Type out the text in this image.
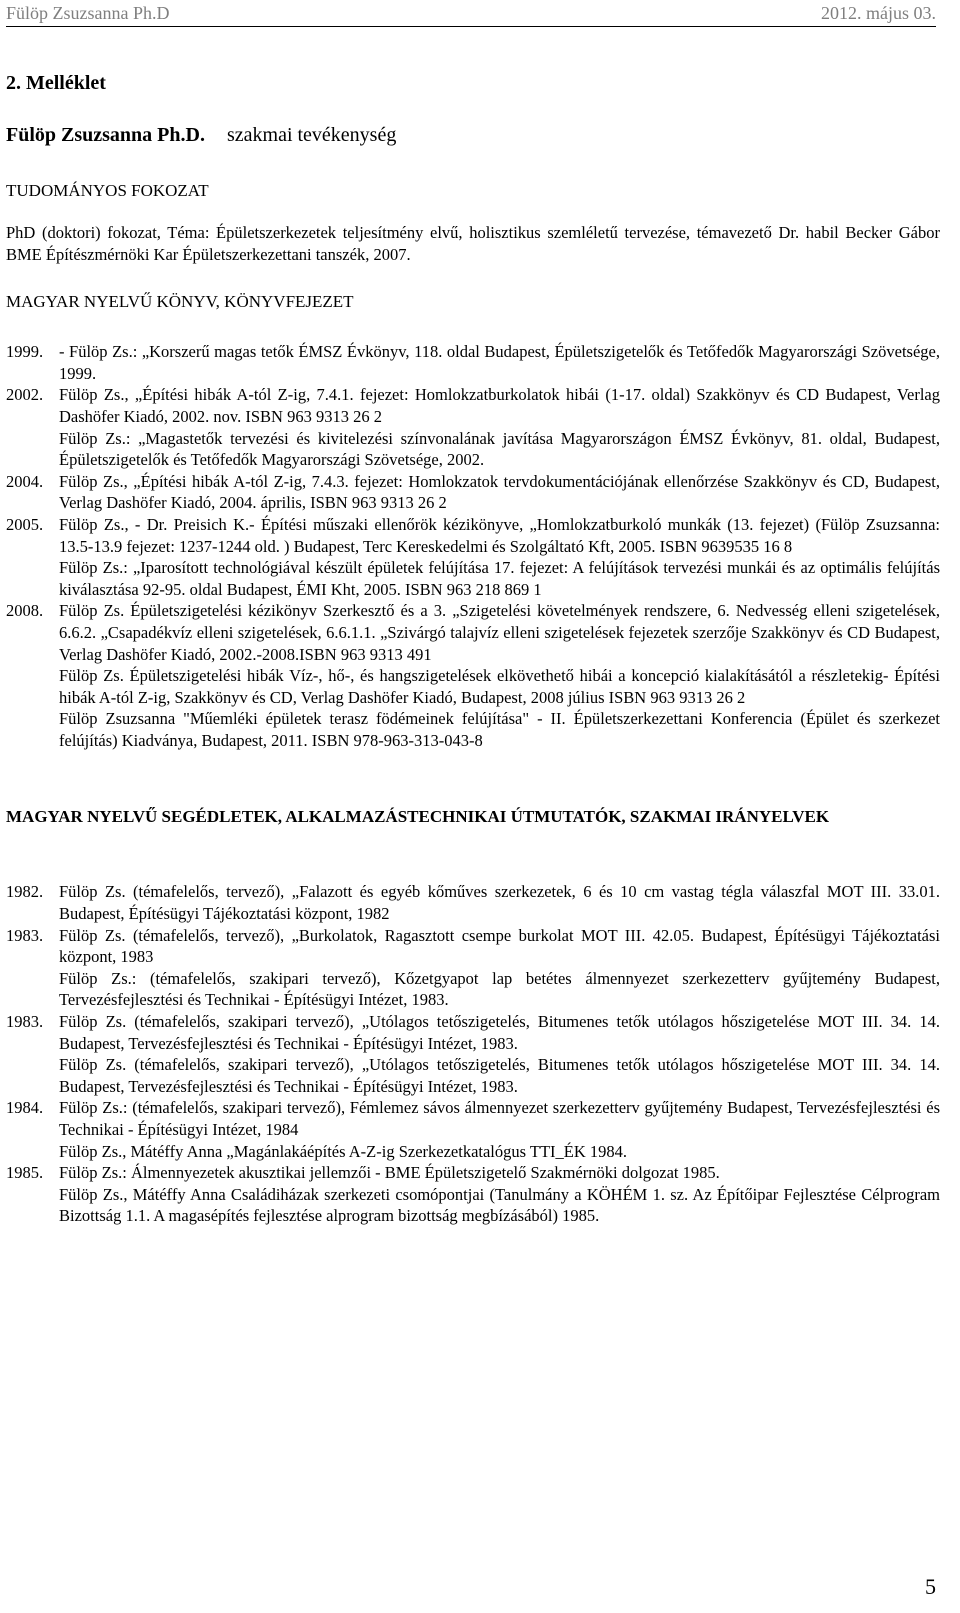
Fülöp Zsuzsanna Ph.D	2012. május 03.
2. Melléklet
Fülöp Zsuzsanna Ph.D. szakmai tevékenység
TUDOMÁNYOS FOKOZAT

PhD (doktori) fokozat, Téma: Épületszerkezetek teljesítmény elvű, holisztikus szemléletű tervezése, témavezető Dr. habil Becker Gábor BME Építészmérnöki Kar Épületszerkezettani tanszék, 2007.

MAGYAR NYELVŰ KÖNYV, KÖNYVFEJEZET
1999. - Fülöp Zs.: „Korszerű magas tetők ÉMSZ Évkönyv, 118. oldal Budapest, Épületszigetelők és Tetőfedők Magyarországi Szövetsége, 1999.
2002. Fülöp Zs., „Építési hibák A-tól Z-ig, 7.4.1. fejezet: Homlokzatburkolatok hibái (1-17. oldal) Szakkönyv és CD Budapest, Verlag Dashöfer Kiadó, 2002. nov. ISBN 963 9313 26 2
Fülöp Zs.: „Magastetők tervezési és kivitelezési színvonalának javítása Magyarországon ÉMSZ Évkönyv, 81. oldal, Budapest, Épületszigetelők és Tetőfedők Magyarországi Szövetsége, 2002.
2004. Fülöp Zs., „Építési hibák A-tól Z-ig, 7.4.3. fejezet: Homlokzatok tervdokumentációjának ellenőrzése Szakkönyv és CD, Budapest, Verlag Dashöfer Kiadó, 2004. április, ISBN 963 9313 26 2
2005. Fülöp Zs., - Dr. Preisich K.- Építési műszaki ellenőrök kézikönyve, „Homlokzatburkoló munkák (13. fejezet) (Fülöp Zsuzsanna: 13.5-13.9 fejezet: 1237-1244 old. ) Budapest, Terc Kereskedelmi és Szolgáltató Kft, 2005. ISBN 9639535 16 8
Fülöp Zs.: „Iparosított technológiával készült épületek felújítása 17. fejezet: A felújítások tervezési munkái és az optimális felújítás kiválasztása 92-95. oldal Budapest, ÉMI Kht, 2005. ISBN 963 218 869 1
2008. Fülöp Zs. Épületszigetelési kézikönyv Szerkesztő és a 3. „Szigetelési követelmények rendszere, 6. Nedvesség elleni szigetelések, 6.6.2. „Csapadékvíz elleni szigetelések, 6.6.1.1. „Szivárgó talajvíz elleni szigetelések fejezetek szerzője Szakkönyv és CD Budapest, Verlag Dashöfer Kiadó, 2002.-2008.ISBN 963 9313 491
Fülöp Zs. Épületszigetelési hibák Víz-, hő-, és hangszigetelések elkövethető hibái a koncepció kialakításától a részletekig- Építési hibák A-tól Z-ig, Szakkönyv és CD, Verlag Dashöfer Kiadó, Budapest, 2008 július ISBN 963 9313 26 2
Fülöp Zsuzsanna "Műemléki épületek terasz födémeinek felújítása" - II. Épületszerkezettani Konferencia (Épület és szerkezet felújítás) Kiadványa, Budapest, 2011. ISBN 978-963-313-043-8
MAGYAR NYELVŰ SEGÉDLETEK, ALKALMAZÁSTECHNIKAI ÚTMUTATÓK, SZAKMAI IRÁNYELVEK
1982. Fülöp Zs. (témafelelős, tervező), „Falazott és egyéb kőműves szerkezetek, 6 és 10 cm vastag tégla válaszfal MOT III. 33.01. Budapest, Építésügyi Tájékoztatási központ, 1982
1983. Fülöp Zs. (témafelelős, tervező), „Burkolatok, Ragasztott csempe burkolat MOT III. 42.05. Budapest, Építésügyi Tájékoztatási központ, 1983
Fülöp Zs.: (témafelelős, szakipari tervező), Kőzetgyapot lap betétes álmennyezet szerkezetterv gyűjtemény Budapest, Tervezésfejlesztési és Technikai - Építésügyi Intézet, 1983.
1983. Fülöp Zs. (témafelelős, szakipari tervező), „Utólagos tetőszigetelés, Bitumenes tetők utólagos hőszigetelése MOT III. 34. 14. Budapest, Tervezésfejlesztési és Technikai - Építésügyi Intézet, 1983.
Fülöp Zs. (témafelelős, szakipari tervező), „Utólagos tetőszigetelés, Bitumenes tetők utólagos hőszigetelése MOT III. 34. 14. Budapest, Tervezésfejlesztési és Technikai - Építésügyi Intézet, 1983.
1984. Fülöp Zs.: (témafelelős, szakipari tervező), Fémlemez sávos álmennyezet szerkezetterv gyűjtemény Budapest, Tervezésfejlesztési és Technikai - Építésügyi Intézet, 1984
Fülöp Zs., Mátéffy Anna „Magánlakáépítés A-Z-ig Szerkezetkatalógus TTI_ÉK 1984.
1985. Fülöp Zs.: Álmennyezetek akusztikai jellemzői - BME Épületszigetelő Szakmérnöki dolgozat 1985.
Fülöp Zs., Mátéffy Anna Családiházak szerkezeti csomópontjai (Tanulmány a KÖHÉM 1. sz. Az Építőipar Fejlesztése Célprogram Bizottság 1.1. A magasépítés fejlesztése alprogram bizottság megbízásából) 1985.
5
